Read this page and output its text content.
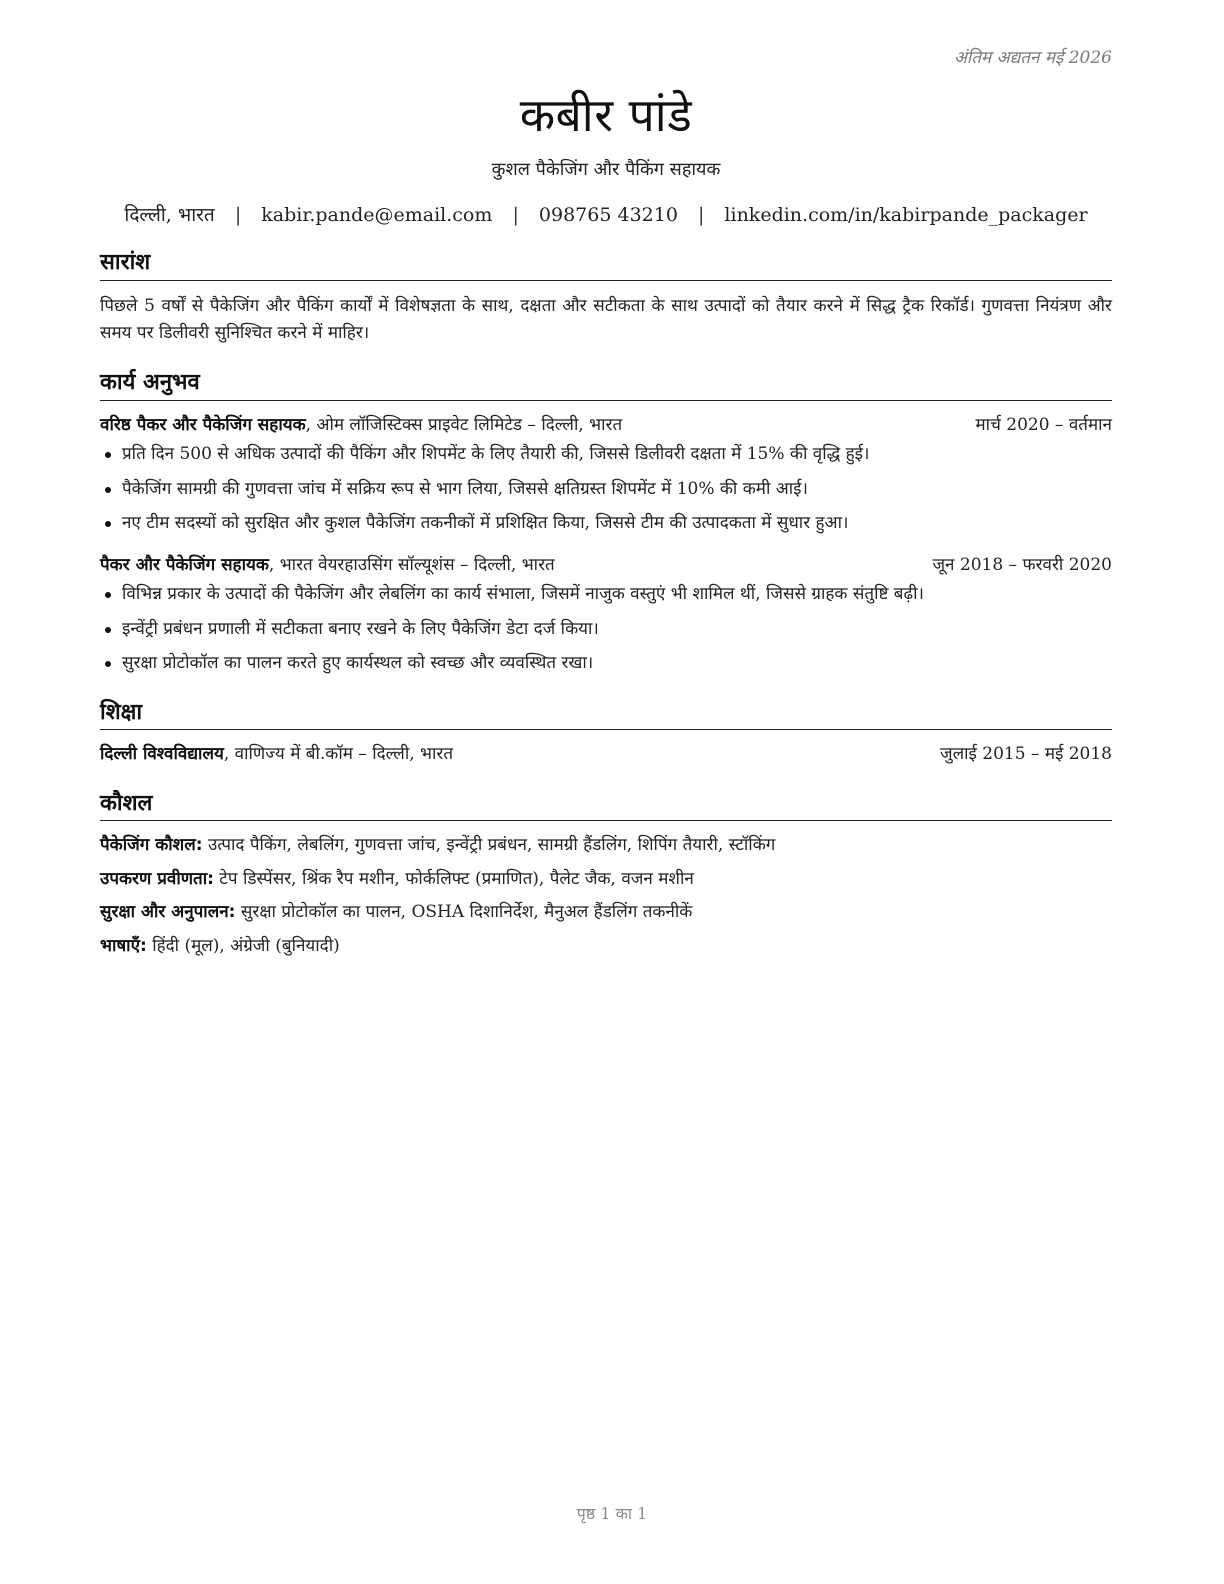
अंतिम अद्यतन मई 2026
कबीर पांडे
कुशल पैकेजिंग और पैकिंग सहायक
दिल्ली, भारत | kabir.pande@email.com | 098765 43210 | linkedin.com/in/kabirpande_packager
सारांश
पिछले 5 वर्षों से पैकेजिंग और पैकिंग कार्यों में विशेषज्ञता के साथ, दक्षता और सटीकता के साथ उत्पादों को तैयार करने में सिद्ध ट्रैक रिकॉर्ड। गुणवत्ता नियंत्रण और समय पर डिलीवरी सुनिश्चित करने में माहिर।
कार्य अनुभव
वरिष्ठ पैकर और पैकेजिंग सहायक, ओम लॉजिस्टिक्स प्राइवेट लिमिटेड – दिल्ली, भारत	मार्च 2020 – वर्तमान
प्रति दिन 500 से अधिक उत्पादों की पैकिंग और शिपमेंट के लिए तैयारी की, जिससे डिलीवरी दक्षता में 15% की वृद्धि हुई।
पैकेजिंग सामग्री की गुणवत्ता जांच में सक्रिय रूप से भाग लिया, जिससे क्षतिग्रस्त शिपमेंट में 10% की कमी आई।
नए टीम सदस्यों को सुरक्षित और कुशल पैकेजिंग तकनीकों में प्रशिक्षित किया, जिससे टीम की उत्पादकता में सुधार हुआ।
पैकर और पैकेजिंग सहायक, भारत वेयरहाउसिंग सॉल्यूशंस – दिल्ली, भारत	जून 2018 – फरवरी 2020
विभिन्न प्रकार के उत्पादों की पैकेजिंग और लेबलिंग का कार्य संभाला, जिसमें नाजुक वस्तुएं भी शामिल थीं, जिससे ग्राहक संतुष्टि बढ़ी।
इन्वेंट्री प्रबंधन प्रणाली में सटीकता बनाए रखने के लिए पैकेजिंग डेटा दर्ज किया।
सुरक्षा प्रोटोकॉल का पालन करते हुए कार्यस्थल को स्वच्छ और व्यवस्थित रखा।
शिक्षा
दिल्ली विश्वविद्यालय, वाणिज्य में बी.कॉम – दिल्ली, भारत	जुलाई 2015 – मई 2018
कौशल
पैकेजिंग कौशल: उत्पाद पैकिंग, लेबलिंग, गुणवत्ता जांच, इन्वेंट्री प्रबंधन, सामग्री हैंडलिंग, शिपिंग तैयारी, स्टॉकिंग
उपकरण प्रवीणता: टेप डिस्पेंसर, श्रिंक रैप मशीन, फोर्कलिफ्ट (प्रमाणित), पैलेट जैक, वजन मशीन
सुरक्षा और अनुपालन: सुरक्षा प्रोटोकॉल का पालन, OSHA दिशानिर्देश, मैनुअल हैंडलिंग तकनीकें
भाषाएँ: हिंदी (मूल), अंग्रेजी (बुनियादी)
पृष्ठ 1 का 1
